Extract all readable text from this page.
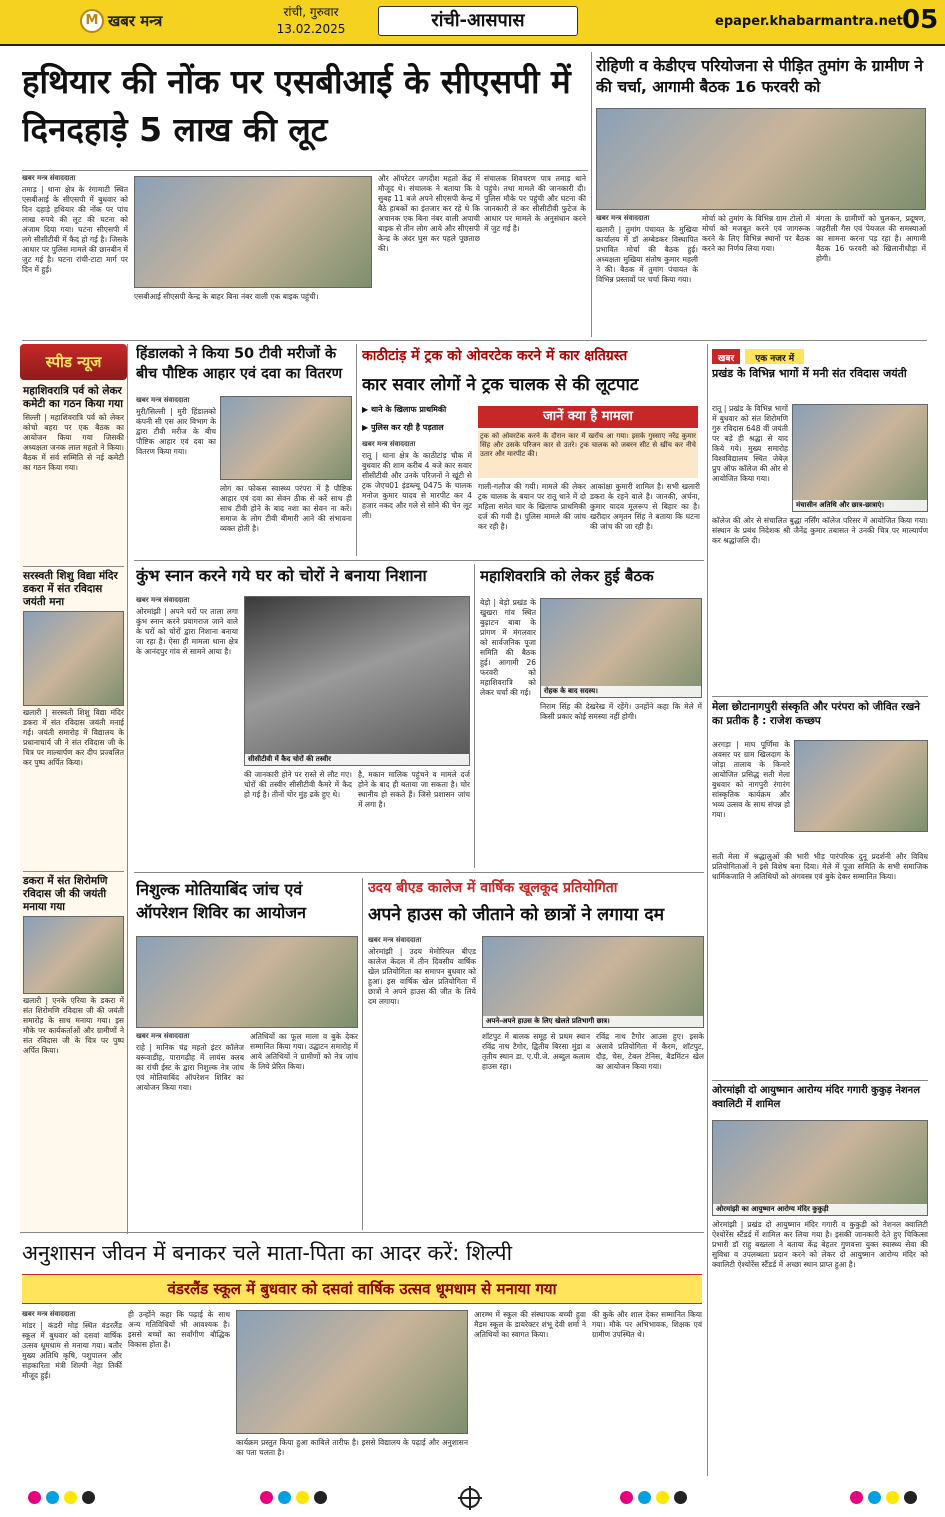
M खबर मन्त्र	रांची, गुरुवार
13.02.2025	रांची-आसपास	epaper.khabarmantra.net 05
हथियार की नोंक पर एसबीआई के सीएसपी में दिनदहाड़े 5 लाख की लूट
खबर मन्त्र संवाददाता
तमाड़ | थाना क्षेत्र के रंगामाटी स्थित एसबीआई के सीएसपी में बुधवार को दिन दहाड़े हथियार की नोंक पर पांच लाख रुपये की लूट की घटना को अंजाम दिया गया। घटना सीएसपी में लगे सीसीटीवी में कैद हो गई है। जिसके आधार पर पुलिस मामले की छानबीन में जुट गई है। घटना रांची-टाटा मार्ग पर दिन में हुई।
एसबीआई सीएसपी केन्द्र के बाहर बिना नंबर वाली एक बाइक पहुंची।
और ऑपरेटर जगदीश महतो केंद्र में मौजूद थे। संचालक ने बताया कि वे सुबह 11 बजे अपने सीएसपी केन्द्र में बैठे हाबकों का इंतजार कर रहे थे कि अचानक एक बिना नंबर वाली अपाची बाइक से तीन लोग आये और सीएसपी केन्द्र के अंदर घुस कर पहले पूछताछ की।
संचालक शिवचरण पात्र तमाड़ थाने पहुंचे। तथा मामले की जानकारी दी। पुलिस मौके पर पहुंची और घटना की जानकारी ले कर सीसीटीवी फुटेज के आधार पर मामले के अनुसंधान करने में जुट गई है।
रोहिणी व केडीएच परियोजना से पीड़ित तुमांग के ग्रामीण ने की चर्चा, आगामी बैठक 16 फरवरी को
खबर मन्त्र संवाददाता
खलारी | तुमांग पंचायत के मुखिया कार्यालय में डॉ अम्बेडकर विस्थापित प्रभावित मोर्चा की बैठक हुई। अध्यक्षता मुखिया संतोष कुमार महली ने की। बैठक में तुमांग पंचायत के विभिन्न प्रस्तावों पर चर्चा किया गया।
मोर्चा को तुमांग के विभिन्न ग्राम टोलो में मोर्चा को मजबूत करने एवं जागरूक करने के लिए विभिन्न स्थानों पर बैठक करने का निर्णय लिया गया।
बंगला के ग्रामीणों को चुलकन, प्रदूषण, जहरीली गैस एवं पेयजल की समस्याओं का सामना करना पड़ रहा है। आगामी बैठक 16 फरवरी को खिलानीधौड़ा में होगी।
स्पीड न्यूज
महाशिवरात्रि पर्व को लेकर कमेटी का गठन किया गया
सिल्ली | महाशिवरात्रि पर्व को लेकर कोचो बहरा पर एक बैठक का आयोजन किया गया जिसकी अध्यक्षता जनक लाल महतो ने किया। बैठक में सर्व सम्मिति से नई कमेटी का गठन किया गया।
सरस्वती शिशु विद्या मंदिर डकरा में संत रविदास जयंती मना
खलारी | सरस्वती शिशु विद्या मंदिर डकरा में संत रविदास जयंती मनाई गई। जयंती समारोह में विद्यालय के प्रधानाचार्य जी ने संत रविदास जी के चित्र पर माल्यार्पण कर दीप प्रज्वलित कर पुष्प अर्पित किया।
डकरा में संत शिरोमणि रविदास जी की जयंती मनाया गया
खलारी | एनके एरिया के डकरा में संत शिरोमणि रविदास जी की जयंती समारोह के साथ मनाया गया। इस मौके पर कार्यकर्ताओं और ग्रामीणों ने संत रविदास जी के चित्र पर पुष्प अर्पित किया।
हिंडालको ने किया 50 टीवी मरीजों के बीच पौष्टिक आहार एवं दवा का वितरण
खबर मन्त्र संवाददाता
मुरी/सिल्ली | मुरी हिंडालको कंपनी सी एस आर विभाग के द्वारा टीवी मरीज के बीच पौष्टिक आहार एवं दवा का वितरण किया गया।
लोग का फोकस स्वास्थ्य परंपरा में है पौष्टिक आहार एवं दवा का सेवन ठीक से करें साथ ही साथ टीवी होने के बाद नशा का सेवन ना करें। समाज के लोग टीवी बीमारी आने की संभावना व्यक्त होती है।
काठीटांड़ में ट्रक को ओवरटेक करने में कार क्षतिग्रस्त
कार सवार लोगों ने ट्रक चालक से की लूटपाट
▶ थाने के खिलाफ प्राथमिकी
▶ पुलिस कर रही है पड़ताल
जानें क्या है मामला
ट्रक को ओवरटेक करने के दौरान कार में खरोंच आ गया। इसके गुस्साए नरेंद्र कुमार सिंह और उसके परिजन कार से उतरे। ट्रक चालक को जबरन सीट से खींच कर नीचे उतार और मारपीट की।
खबर मन्त्र संवाददाता
रातू | थाना क्षेत्र के काठीटांड़ चौक में बुधवार की शाम करीब 4 बजे कार सवार सीसीटीवी और उनके परिजनों ने खूंटी से ट्रक जेएच01 इंडब्ल्यू 0475 के चालक मनोज कुमार यादव से मारपीट कर 4 हजार नकद और गले से सोने की चेन लूट ली।
गाली-गलौज की गयी। मामले की लेकर ट्रक चालक के बयान पर रातू थाने में दो महिला समेत चार के खिलाफ प्राथमिकी दर्ज की गयी है। पुलिस मामले की जांच कर रही है।
आकांक्षा कुमारी शामिल है। सभी खलारी डकरा के रहने वाले है। जानकी, अर्चना, कुमार यादव मूलरूप से बिहार का है। खरीदार अमृतन सिंह ने बताया कि घटना की जांच की जा रही है।
कुंभ स्नान करने गये घर को चोरों ने बनाया निशाना
खबर मन्त्र संवाददाता
ओरमांझी | अपने घरों पर ताला लगा कुंभ स्नान करने प्रयागराज जाने वाले के घरों को चोरों द्वारा निशाना बनाया जा रहा है। ऐसा ही मामला थाना क्षेत्र के आनंदपुर गांव से सामने आया है।
सीसीटीवी में कैद चोरों की तस्वीर
की जानकारी होने पर रास्ते से लौट गए। चोरों की तस्वीर सीसीटीवी कैमरे में कैद हो गई है। तीनों चोर मुंह ढके हुए थे।
है, मकान मालिक पहुंचने व मामले दर्ज होने के बाद ही बताया जा सकता है। चोर स्थानीय हो सकते हैं। जिसे प्रशासन जांच में लगा है।
महाशिवरात्रि को लेकर हुई बैठक
बेड़ो | बेड़ो प्रखंड के खुखरा गांव स्थित बुढ़ाटन बाबा के प्रांगण में मंगलवार को सार्वजनिक पूजा समिति की बैठक हुई। आगामी 26 फरवरी को महाशिवरात्रि को लेकर चर्चा की गई।	रोहक के बाद सदस्य।
निराम सिंह की देखरेख में रहेंगे। उनहोंने कहा कि मेले में किसी प्रकार कोई समस्या नहीं होगी।
निशुल्क मोतियाबिंद जांच एवं ऑपरेशन शिविर का आयोजन
खबर मन्त्र संवाददाता
राहे | मानिक चंद्र महतो इंटर कॉलेज बरूवाडीह, पारागढ़ीह में लायंस क्लब का रांची ईस्ट के द्वारा निशुल्क नेत्र जांच एवं मोतियाबिंद ऑपरेशन शिविर का आयोजन किया गया।
अतिथियों का फूल माला व बुके देकर सम्मानित किया गया। उद्घाटन समारोह में आये अतिथियों ने ग्रामीणों को नेत्र जांच के लिये प्रेरित किया।
उदय बीएड कालेज में वार्षिक खूलकूद प्रतियोगिता
अपने हाउस को जीताने को छात्रों ने लगाया दम
खबर मन्त्र संवाददाता
ओरमांझी | उदय मेमोरियल बीएड कालेज केदल में तीन दिवसीय वार्षिक खेल प्रतियोगिता का समापन बुधवार को हुआ। इस वार्षिक खेल प्रतियोगिता में छात्रों ने अपने हाउस की जीत के लिये दम लगाया।
अपने-अपने हाउस के लिए खेलते प्रतिभागी छात्र।
शॉटपुट में बालक समूह से प्रथम स्थान रविंद्र नाथ टैगोर, द्वितीय बिरसा मुंडा व तृतीय स्थान डा. ए.पी.जे. अब्दुल कलाम हाउस रहा।
रविंद्र नाथ टैगोर आउस हुए। इसके अलावे प्रतियोगिता में कैरम, शॉटपुट, दौड़, चेस, टेबल टेनिस, बैडमिंटन खेल का आयोजन किया गया।
खबर एक नजर में
प्रखंड के विभिन्न भागों में मनी संत रविदास जयंती
रातू | प्रखंड के विभिन्न भागों में बुधवार को संत शिरोमणि गुरु रविदास 648 वीं जयंती पर बड़े ही श्रद्धा से याद किये गये। मुख्य समारोह विश्वविद्यालय स्थित जेबेज़ प्रुप ऑफ कॉलेज की ओर से आयोजित किया गया।
मंचासीन अतिथि और छात्र-छात्राएं।
कॉलेज की ओर से संचालित बुद्धा नर्सिंग कॉलेज परिसर में आयोजित किया गया। संस्थान के प्रबंध निदेशक श्री जैनेंद्र कुमार तबासत ने उनकी चित्र पर माल्यार्पण कर श्रद्धांजलि दी।
मेला छोटानागपुरी संस्कृति और परंपरा को जीवित रखने का प्रतीक है : राजेश कच्छप
अरगड़ा | माघ पूर्णिमा के अवसर पर ग्राम खिलदाग के जोड़ा तालाब के किनारे आयोजित प्रसिद्ध सती मेला बुधवार को नागपुरी रंगारंग सांस्कृतिक कार्यक्रम और भव्य उत्सव के साथ संपन्न हो गया।
सती मेला में श्रद्धालुओं की भारी भीड़ पारंपरिक दुनू प्रदर्शनी और विविध प्रतियोगिताओं ने इसे विशेष बना दिया। मेले में पूजा समिति के सभी समाजिक धार्मिकजाति ने अतिथियों को अंगवस्त्र एवं बुके देकर सम्मानित किया।
ओरमांझी दो आयुष्मान आरोग्य मंदिर गगारी कुकुड़ नेशनल क्वालिटी में शामिल
ओरमांझी का आयुष्मान आरोग्य मंदिर कुकुड़ी
ओरमांझी | प्रखंड दो आयुष्मान मंदिर गगारी व कुकुड़ी को नेशनल क्वालिटी ऐश्योरेंस स्टैंडर्ड में शामिल कर लिया गया है। इसकी जानकारी देते हुए चिकित्सा प्रभारी डॉ राहु बख्तला ने बताया केंद्र बेहतर गुणवत्ता युक्त स्वास्थ्य सेवा की सुविधा व उपलब्धता प्रदान करने को लेकर दो आयुष्मान आरोग्य मंदिर को क्वालिटी ऐश्योरेंस स्टैंडर्ड में अच्छा स्थान प्राप्त हुआ है।
अनुशासन जीवन में बनाकर चले माता-पिता का आदर करें: शिल्पी
वंडरलैंड स्कूल में बुधवार को दसवां वार्षिक उत्सव धूमधाम से मनाया गया
खबर मन्त्र संवाददाता
मांडर | कंडरी मोड़ स्थित वंडरलैंड स्कूल में बुधवार को दसवां वार्षिक उत्सव धूमधाम से मनाया गया। बतौर मुख्य अतिथि कृषि, पशुपालन और सहकारिता मंत्री शिल्पी नेहा तिर्की मौजूद हुईं।
ही उन्होंने कहा कि पढ़ाई के साथ अन्य गतिविधियों भी आवश्यक है। इससे बच्चों का सर्वांगीण बौद्धिक विकास होता है।
कार्यक्रम प्रस्तुत किया हुआ काबिले तारीफ है। इससे विद्यालय के पढ़ाई और अनुशासन का पता चलता है।
आरम्भ में स्कूल की संस्थापक बच्ची हुवा मैडम स्कूल के डायरेक्टर शंभू देवी शर्मा ने अतिथियों का स्वागत किया।
की कुके और शाल देकर सम्मानित किया गया। मौके पर अभिभावक, शिक्षक एवं ग्रामीण उपस्थित थे।
